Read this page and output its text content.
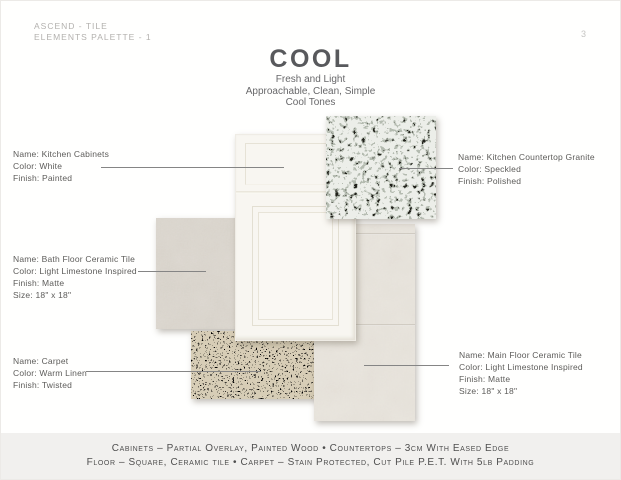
ASCEND - TILE
ELEMENTS PALETTE - 1	3
COOL
Fresh and Light
Approachable, Clean, Simple
Cool Tones
Name: Kitchen Cabinets
Color: White
Finish: Painted
Name: Kitchen Countertop Granite
Color: Speckled
Finish: Polished
Name: Bath Floor Ceramic Tile
Color: Light Limestone Inspired
Finish: Matte
Size: 18" x 18"
Name: Carpet
Color: Warm Linen
Finish: Twisted
Name: Main Floor Ceramic Tile
Color: Light Limestone Inspired
Finish: Matte
Size: 18" x 18"
Cabinets – Partial Overlay, Painted Wood • Countertops – 3cm With Eased Edge
Floor – Square, Ceramic tile • Carpet – Stain Protected, Cut Pile P.E.T. With 5lb Padding
